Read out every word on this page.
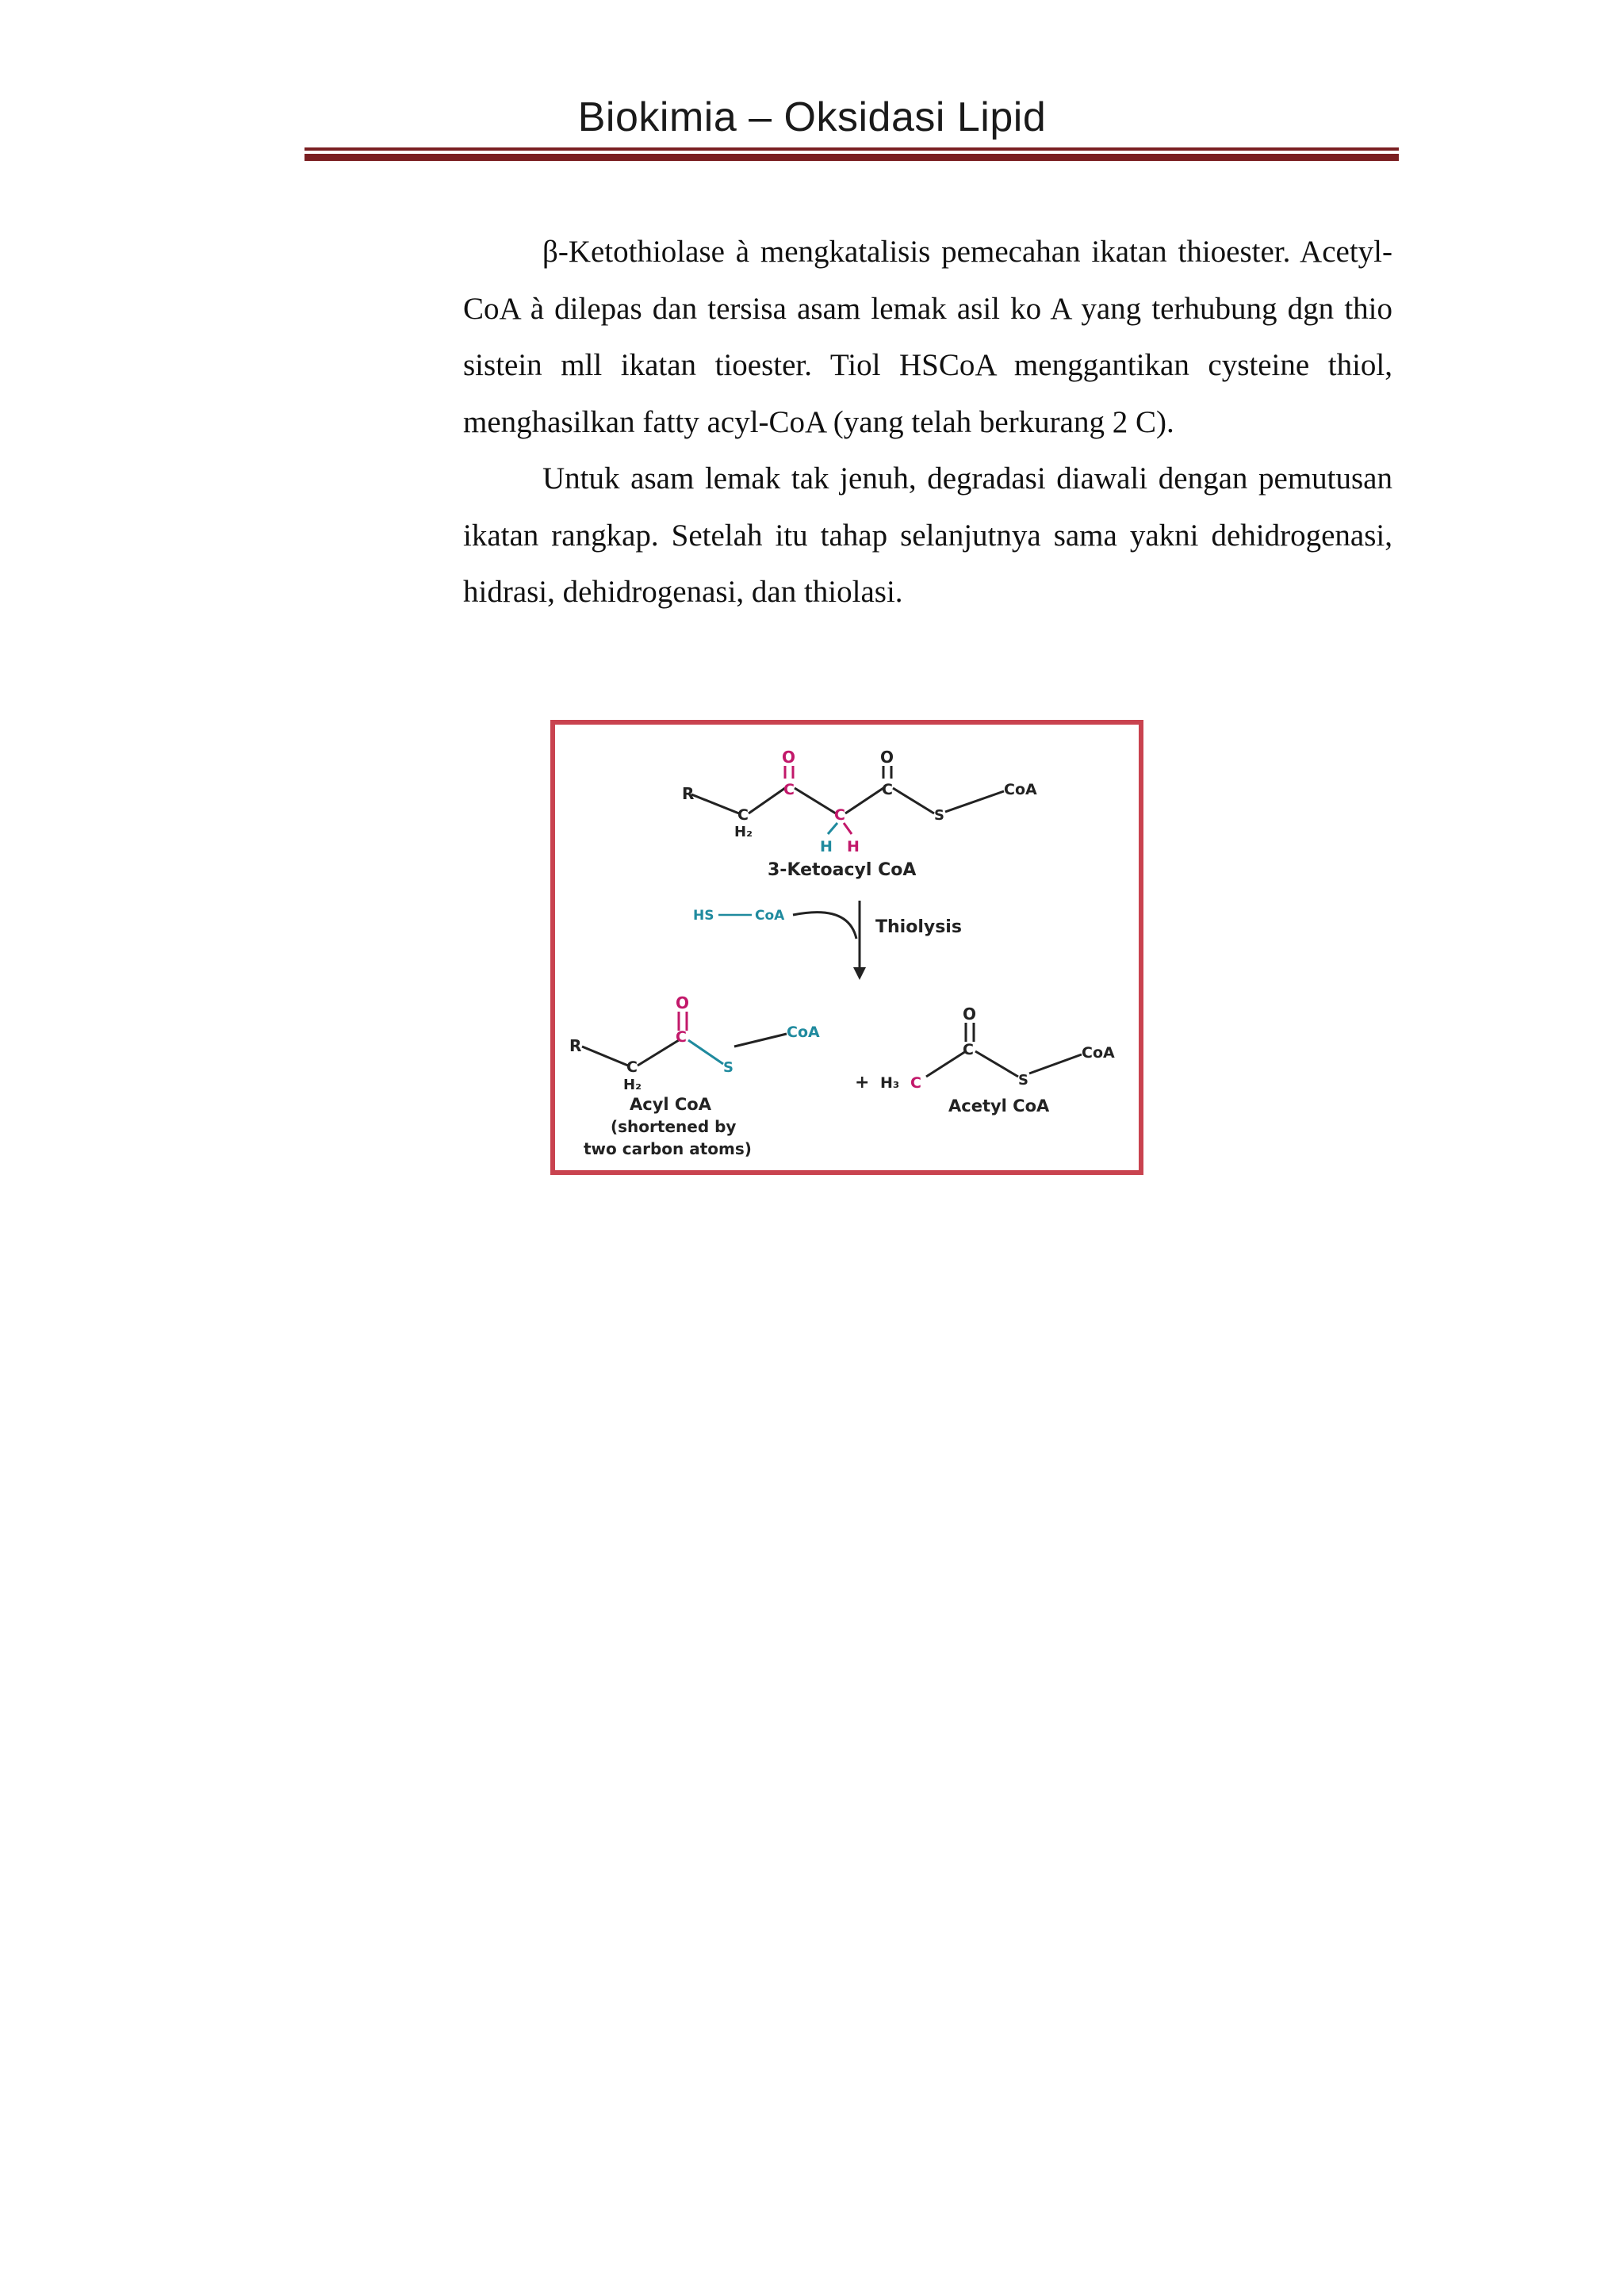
Biokimia – Oksidasi Lipid

β-Ketothiolase à mengkatalisis pemecahan ikatan thioester. Acetyl-CoA à dilepas dan tersisa asam lemak asil ko A yang terhubung dgn thio sistein mll ikatan tioester. Tiol HSCoA menggantikan cysteine thiol, menghasilkan fatty acyl-CoA (yang telah berkurang 2 C).

Untuk asam lemak tak jenuh, degradasi diawali dengan pemutusan ikatan rangkap. Setelah itu tahap selanjutnya sama yakni dehidrogenasi, hidrasi, dehidrogenasi, dan thiolasi.

R
C
H₂
C
O
C
H H
C
O
S
CoA
3-Ketoacyl CoA
HS	CoA
Thiolysis
R
C
H₂
C
O
S
CoA
Acyl CoA
(shortened by
two carbon atoms)
+ H₃ C
C
O
S
CoA
Acetyl CoA
